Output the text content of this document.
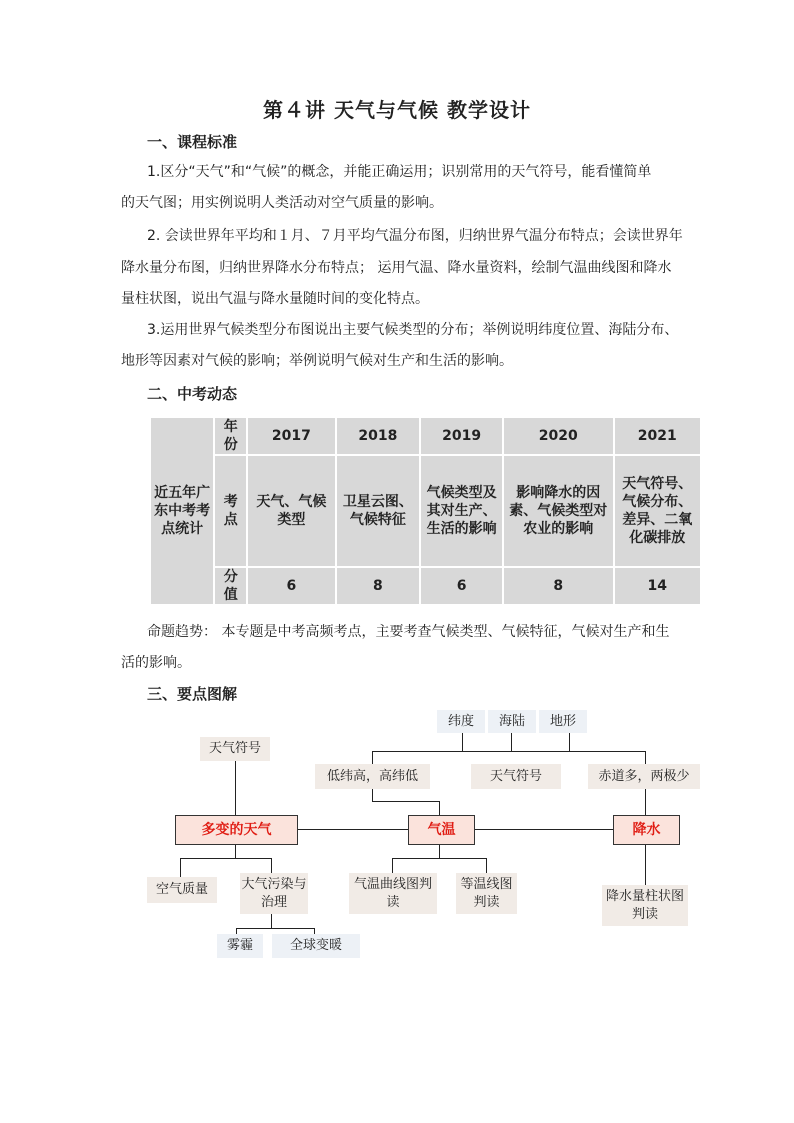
第４讲 天气与气候 教学设计
一、课程标准
1.区分“天气”和“气候”的概念，并能正确运用；识别常用的天气符号，能看懂简单
的天气图；用实例说明人类活动对空气质量的影响。
2. 会读世界年平均和１月、７月平均气温分布图，归纳世界气温分布特点；会读世界年
降水量分布图，归纳世界降水分布特点； 运用气温、降水量资料，绘制气温曲线图和降水
量柱状图，说出气温与降水量随时间的变化特点。
3.运用世界气候类型分布图说出主要气候类型的分布；举例说明纬度位置、海陆分布、
地形等因素对气候的影响；举例说明气候对生产和生活的影响。
二、中考动态
近五年广东中考考点统计	年份	2017	2018	2019	2020	2021
	考点	天气、气候类型	卫星云图、气候特征	气候类型及其对生产、生活的影响	影响降水的因素、气候类型对农业的影响	天气符号、气候分布、差异、二氧化碳排放
	分值	6	8	6	8	14
命题趋势： 本专题是中考高频考点，主要考查气候类型、气候特征，气候对生产和生
活的影响。
三、要点图解
天气符号
多变的天气
空气质量	大气污染与治理
雾霾	全球变暖
纬度	海陆	地形
低纬高，高纬低	天气符号	赤道多，两极少
气温	降水
气温曲线图判读
等温线图判读	降水量柱状图判读
